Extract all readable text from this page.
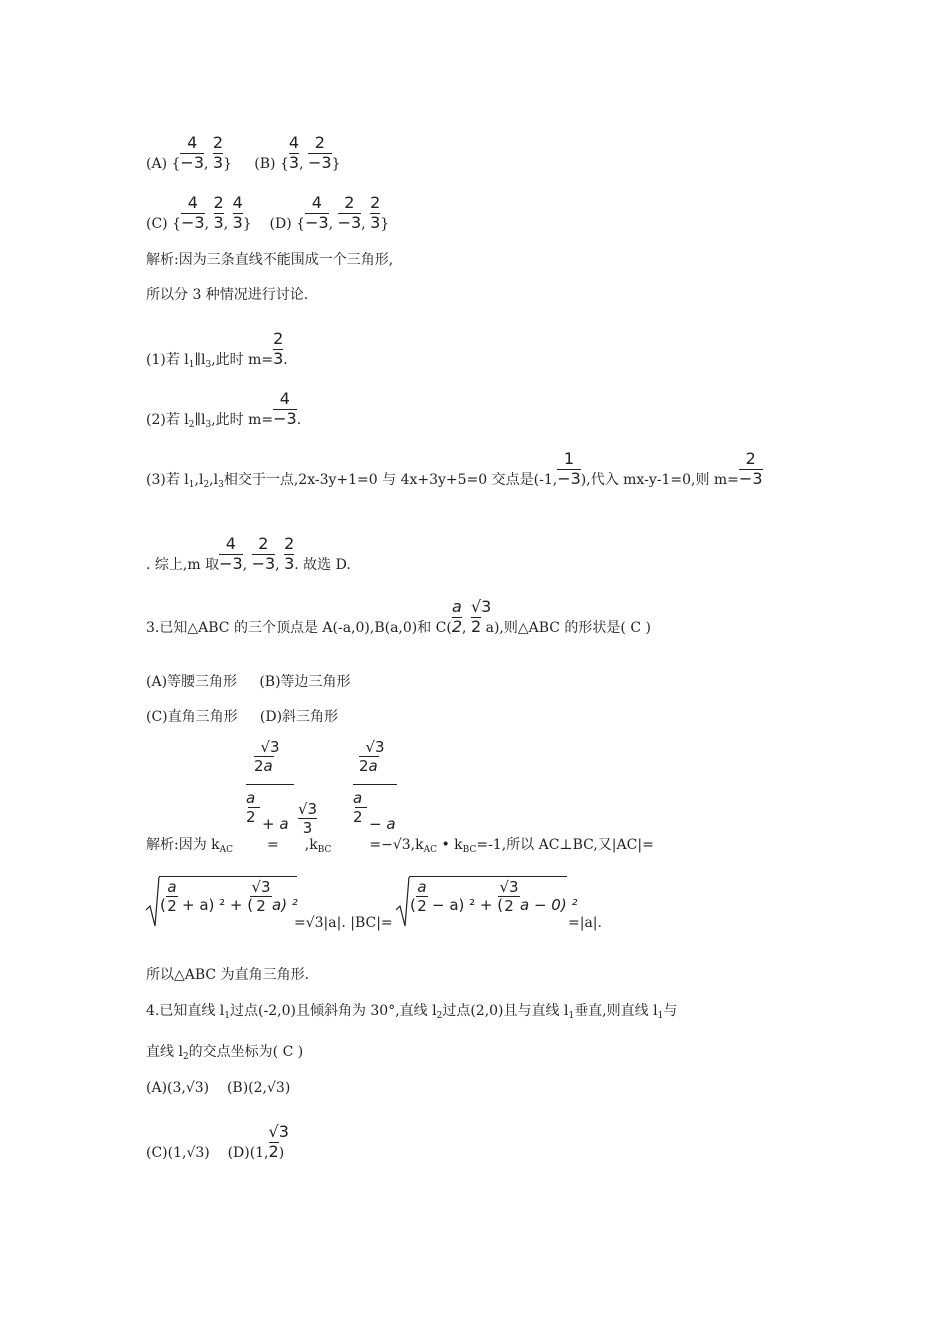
(A) { $\frac{4}{-3}$ , $\frac{2}{3}$ } (B) { $\frac{4}{3}$ , $\frac{2}{-3}$ }
(C) { $\frac{4}{-3}$ , $\frac{2}{3}$ , $\frac{4}{3}$ } (D) { $\frac{4}{-3}$ , $\frac{2}{-3}$ , $\frac{2}{3}$ }
解析:因为三条直线不能围成一个三角形,
所以分 3 种情况进行讨论.
(1)若 $l_1\parallel l_3$,此时 $m= \frac{2}{3}$ .
(2)若 $l_2\parallel l_3$,此时 $m= \frac{4}{-3}$ .
(3)若 $l_1,l_2,l_3$相交于一点,2x-3y+1=0 与 4x+3y+5=0 交点是(-1, $\frac{1}{-3}$ ),代入 mx-y-1=0,则 $m= \frac{2}{-3}$
. 综上,m 取 $\frac{4}{-3}$ , $\frac{2}{-3}$ , $\frac{2}{3}$ . 故选 D.
3.已知△ABC 的三个顶点是 A(-a,0),B(a,0)和 $C( \frac{a}{2}$ , $\frac{√3}{2} a$),则△ABC 的形状是( C )
(A)等腰三角形 (B)等边三角形
(C)直角三角形 (D)斜三角形
√3
2a
a
2 + a
√3
2a
a
2 − a
√3
3
解析:因为 $k_{AC} = ,k_{BC}$	$=-√3,k_{AC}$ • $k_{BC}=-1$,所以 AC⊥BC,又|AC|=
(
a
2 + a) ² + (
√3
2 a) ²
=√3|a|. |BC|=
(
a
2 − a) ² + (
√3
2 a − 0) ²
=|a|.
所以△ABC 为直角三角形.
4.已知直线 $l_1$过点(-2,0)且倾斜角为 30°,直线 $l_2$过点(2,0)且与直线 $l_1$垂直,则直线 $l_1$与
直线 $l_2$的交点坐标为( C )
(A)(3,√3) (B)(2,√3)
(C)(1,√3) (D)(1, $\frac{√3}{2}$ )
